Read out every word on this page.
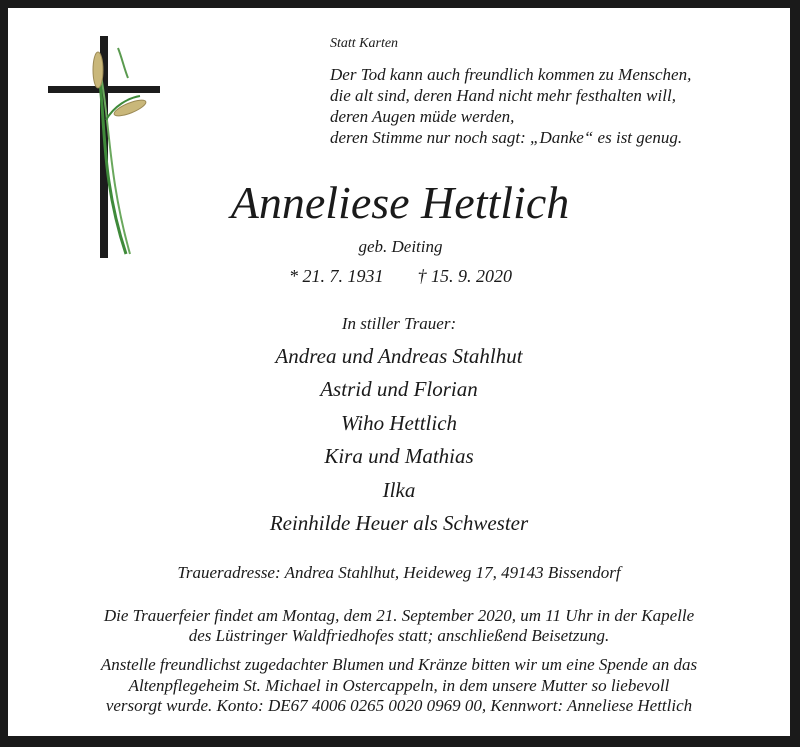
Statt Karten

Der Tod kann auch freundlich kommen zu Menschen,
die alt sind, deren Hand nicht mehr festhalten will,
deren Augen müde werden,
deren Stimme nur noch sagt: „Danke“ es ist genug.

Anneliese Hettlich
geb. Deiting
* 21. 7. 1931 † 15. 9. 2020
In stiller Trauer:
Andrea und Andreas Stahlhut
Astrid und Florian
Wiho Hettlich
Kira und Mathias
Ilka
Reinhilde Heuer als Schwester
Traueradresse: Andrea Stahlhut, Heideweg 17, 49143 Bissendorf
Die Trauerfeier findet am Montag, dem 21. September 2020, um 11 Uhr in der Kapelle
des Lüstringer Waldfriedhofes statt; anschließend Beisetzung.
Anstelle freundlichst zugedachter Blumen und Kränze bitten wir um eine Spende an das
Altenpflegeheim St. Michael in Ostercappeln, in dem unsere Mutter so liebevoll
versorgt wurde. Konto: DE67 4006 0265 0020 0969 00, Kennwort: Anneliese Hettlich
